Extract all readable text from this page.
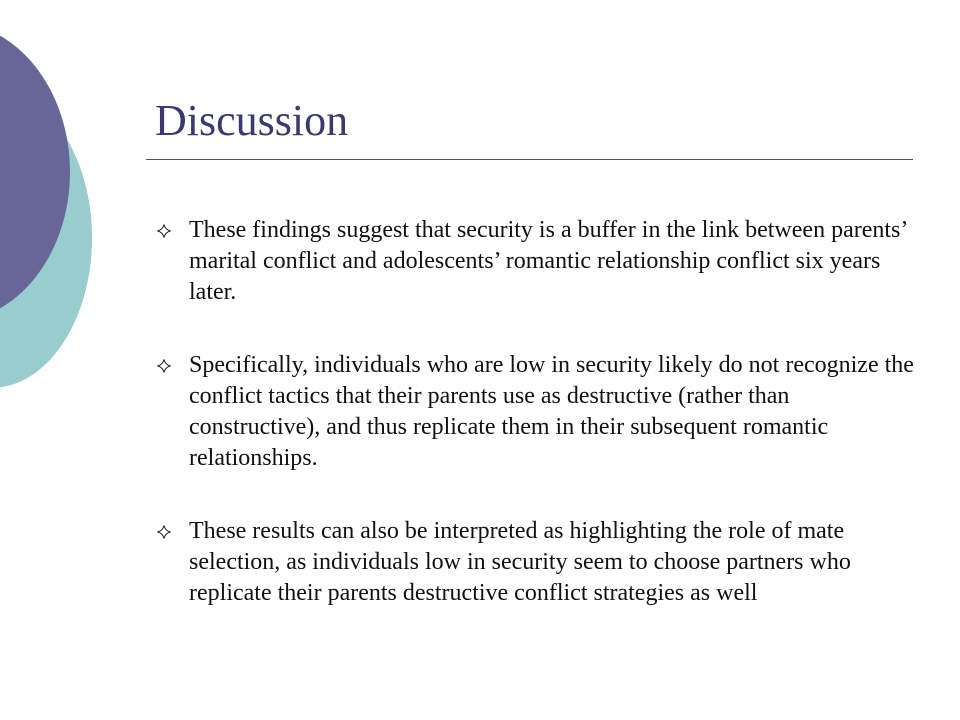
Discussion
These findings suggest that security is a buffer in the link between parents’ marital conflict and adolescents’ romantic relationship conflict six years later.
Specifically, individuals who are low in security likely do not recognize the conflict tactics that their parents use as destructive (rather than constructive), and thus replicate them in their subsequent romantic relationships.
These results can also be interpreted as highlighting the role of mate selection, as individuals low in security seem to choose partners who replicate their parents destructive conflict strategies as well
